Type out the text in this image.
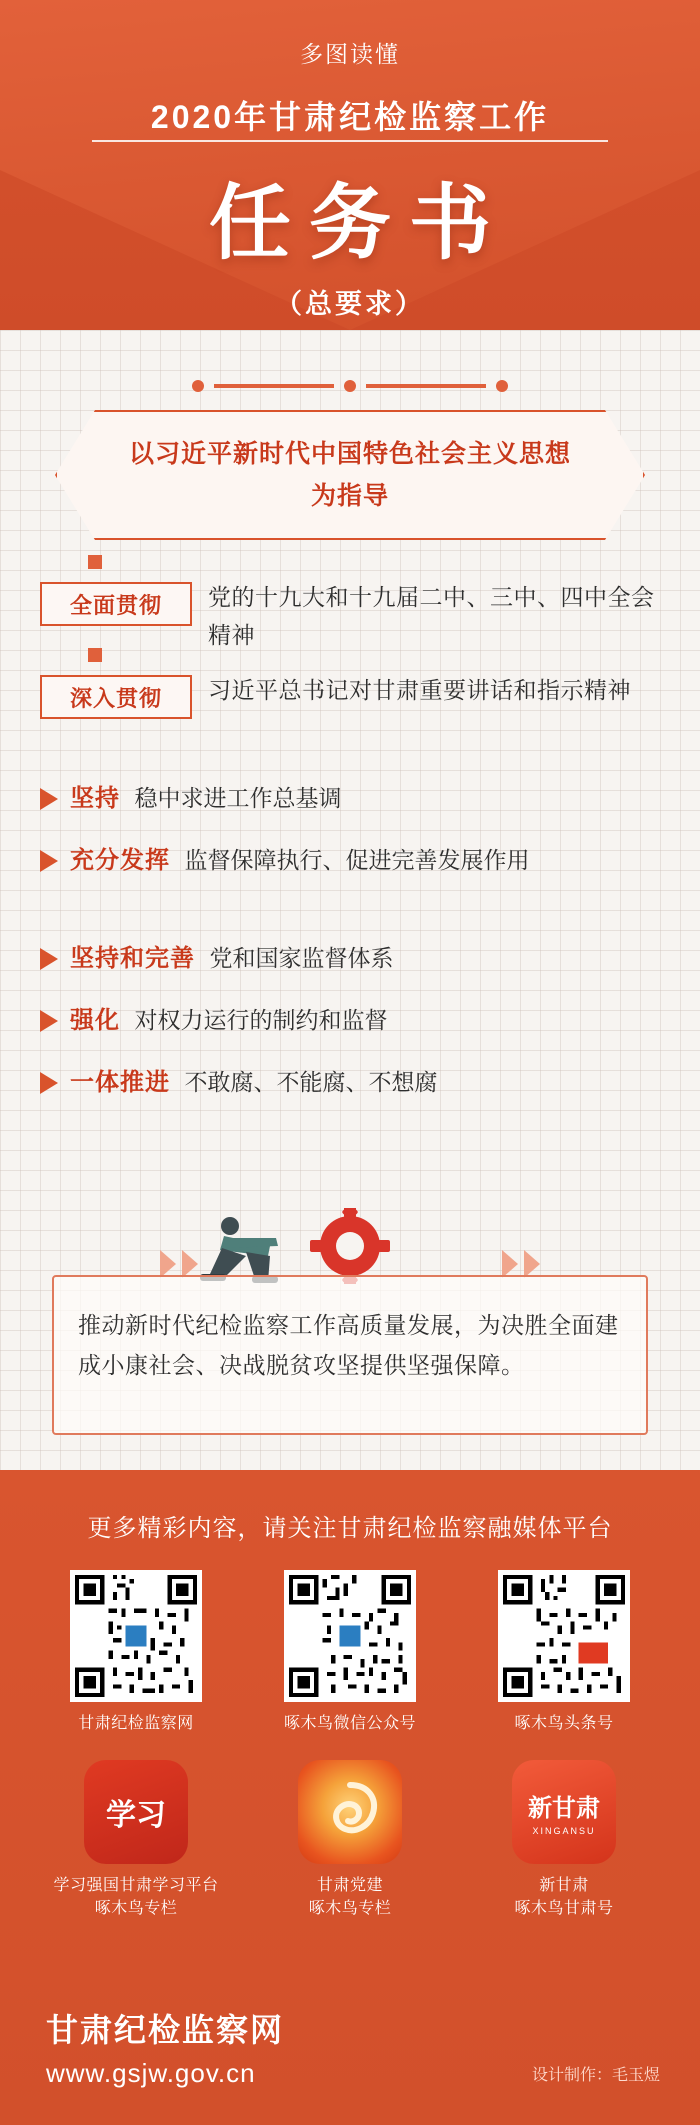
多图读懂
2020年甘肃纪检监察工作
任务书
（总要求）
以习近平新时代中国特色社会主义思想
为指导
全面贯彻	党的十九大和十九届二中、三中、四中全会精神
深入贯彻	习近平总书记对甘肃重要讲话和指示精神
坚持 稳中求进工作总基调
充分发挥 监督保障执行、促进完善发展作用
坚持和完善 党和国家监督体系
强化 对权力运行的制约和监督
一体推进 不敢腐、不能腐、不想腐
推动新时代纪检监察工作高质量发展，为决胜全面建成小康社会、决战脱贫攻坚提供坚强保障。
更多精彩内容，请关注甘肃纪检监察融媒体平台
甘肃纪检监察网	啄木鸟微信公众号	啄木鸟头条号
学习
学习强国甘肃学习平台
啄木鸟专栏
甘肃党建
啄木鸟专栏
新甘肃
XINGANSU
新甘肃
啄木鸟甘肃号
甘肃纪检监察网
www.gsjw.gov.cn	设计制作：毛玉煜
